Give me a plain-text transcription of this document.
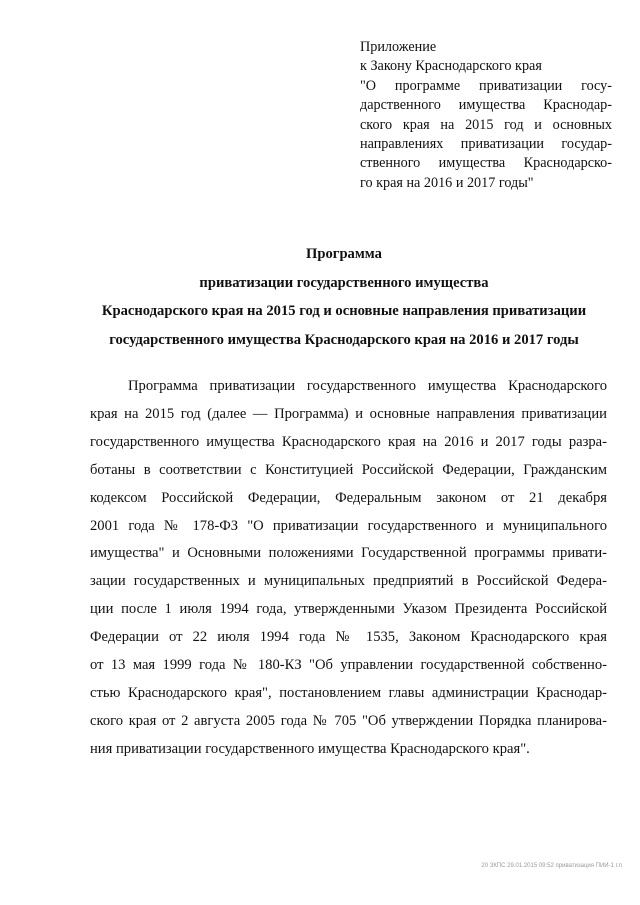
Приложение
к Закону Краснодарского края
"О программе приватизации госу-
дарственного имущества Краснодар-
ского края на 2015 год и основных
направлениях приватизации государ-
ственного имущества Краснодарско-
го края на 2016 и 2017 годы"
Программа
приватизации государственного имущества
Краснодарского края на 2015 год и основные направления приватизации
государственного имущества Краснодарского края на 2016 и 2017 годы
Программа приватизации государственного имущества Краснодарского
края на 2015 год (далее — Программа) и основные направления приватизации
государственного имущества Краснодарского края на 2016 и 2017 годы разра-
ботаны в соответствии с Конституцией Российской Федерации, Гражданским
кодексом Российской Федерации, Федеральным законом от 21 декабря
2001 года № 178-ФЗ "О приватизации государственного и муниципального
имущества" и Основными положениями Государственной программы привати-
зации государственных и муниципальных предприятий в Российской Федера-
ции после 1 июля 1994 года, утвержденными Указом Президента Российской
Федерации от 22 июля 1994 года № 1535, Законом Краснодарского края
от 13 мая 1999 года № 180-КЗ "Об управлении государственной собственно-
стью Краснодарского края", постановлением главы администрации Краснодар-
ского края от 2 августа 2005 года № 705 "Об утверждении Порядка планирова-
ния приватизации государственного имущества Краснодарского края".
20 ЗКПС 29.01.2015 09:52 приватизация ПИИ-1 г.п
